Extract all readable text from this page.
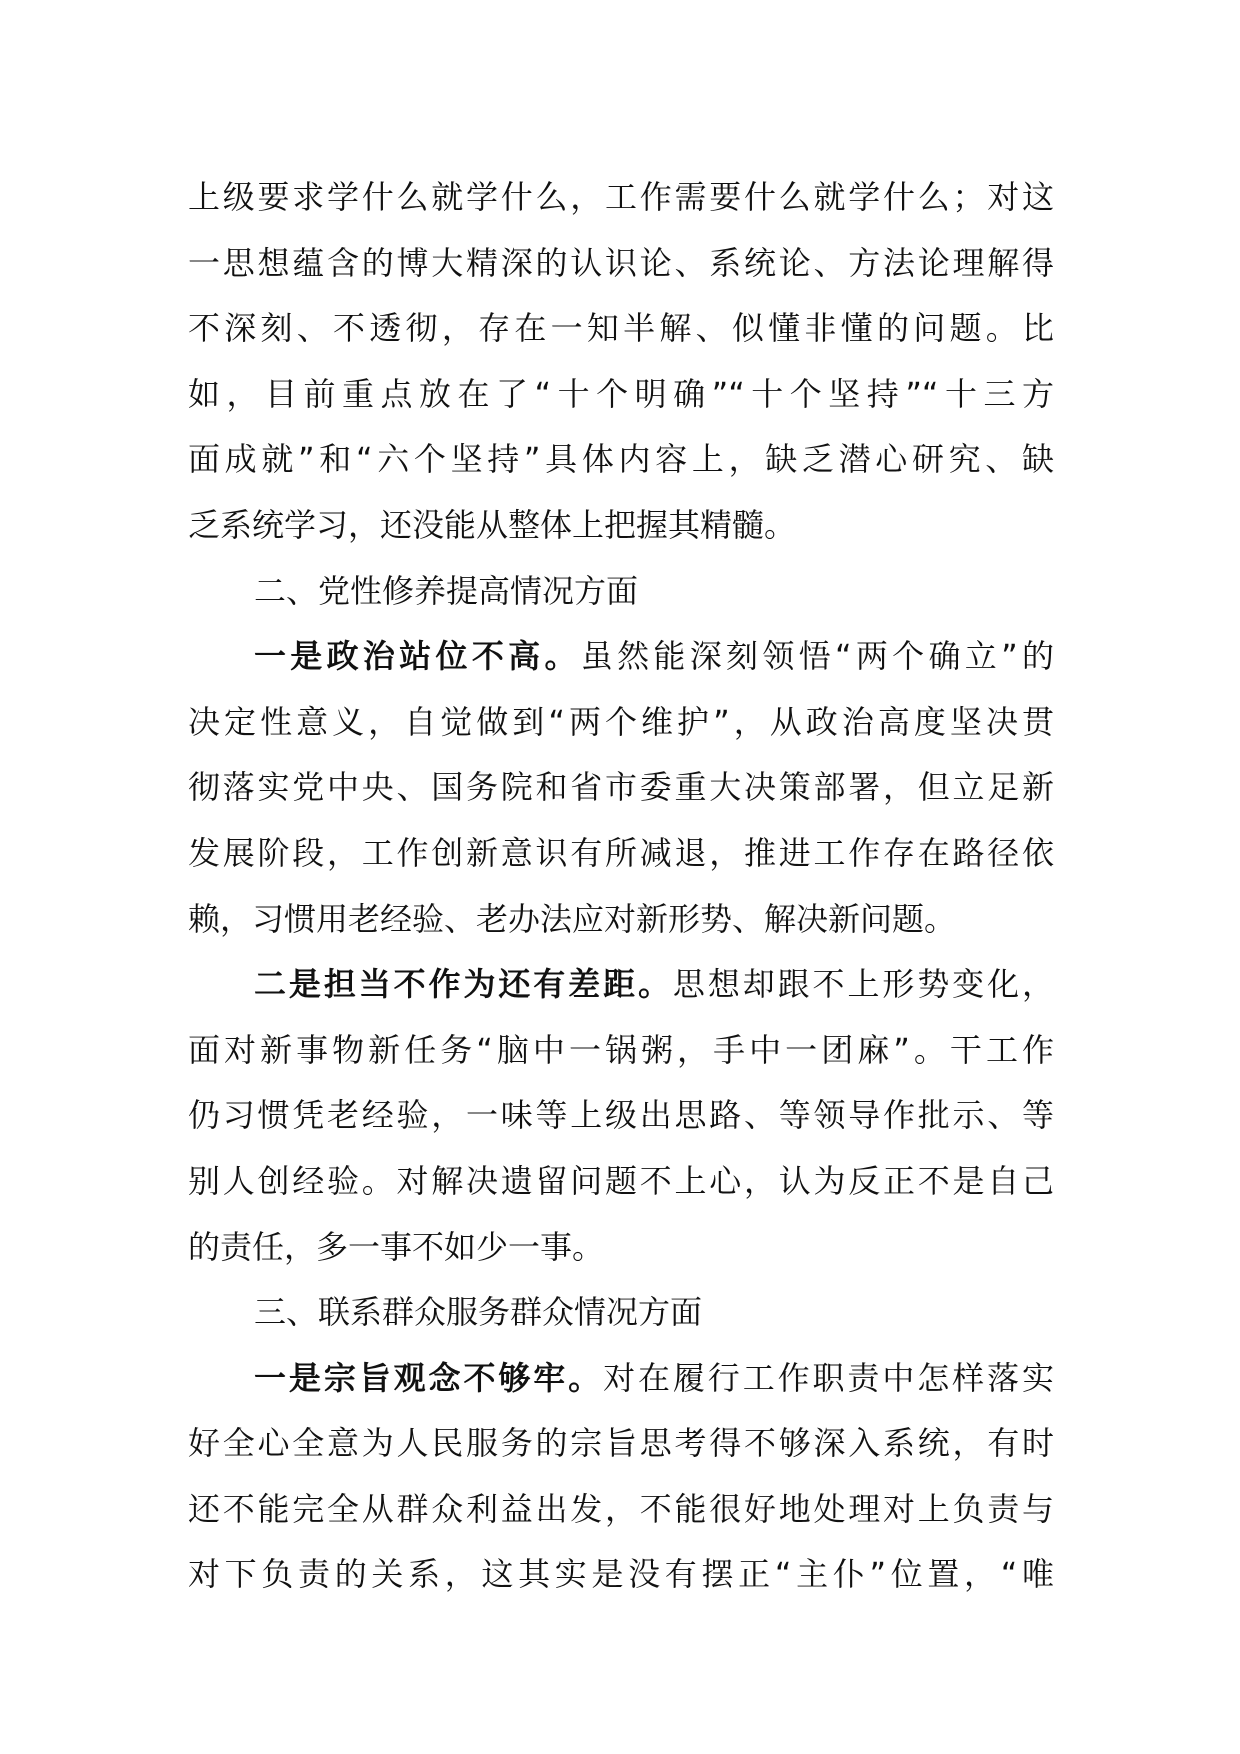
上级要求学什么就学什么，工作需要什么就学什么；对这
一思想蕴含的博大精深的认识论、系统论、方法论理解得
不深刻、不透彻，存在一知半解、似懂非懂的问题。比
如，目前重点放在了“十个明确”“十个坚持”“十三方
面成就”和“六个坚持”具体内容上，缺乏潜心研究、缺
乏系统学习，还没能从整体上把握其精髓。
二、党性修养提高情况方面
一是政治站位不高。虽然能深刻领悟“两个确立”的
决定性意义，自觉做到“两个维护”，从政治高度坚决贯
彻落实党中央、国务院和省市委重大决策部署，但立足新
发展阶段，工作创新意识有所减退，推进工作存在路径依
赖，习惯用老经验、老办法应对新形势、解决新问题。
二是担当不作为还有差距。思想却跟不上形势变化，
面对新事物新任务“脑中一锅粥，手中一团麻”。干工作
仍习惯凭老经验，一味等上级出思路、等领导作批示、等
别人创经验。对解决遗留问题不上心，认为反正不是自己
的责任，多一事不如少一事。
三、联系群众服务群众情况方面
一是宗旨观念不够牢。对在履行工作职责中怎样落实
好全心全意为人民服务的宗旨思考得不够深入系统，有时
还不能完全从群众利益出发，不能很好地处理对上负责与
对下负责的关系，这其实是没有摆正“主仆”位置，“唯
